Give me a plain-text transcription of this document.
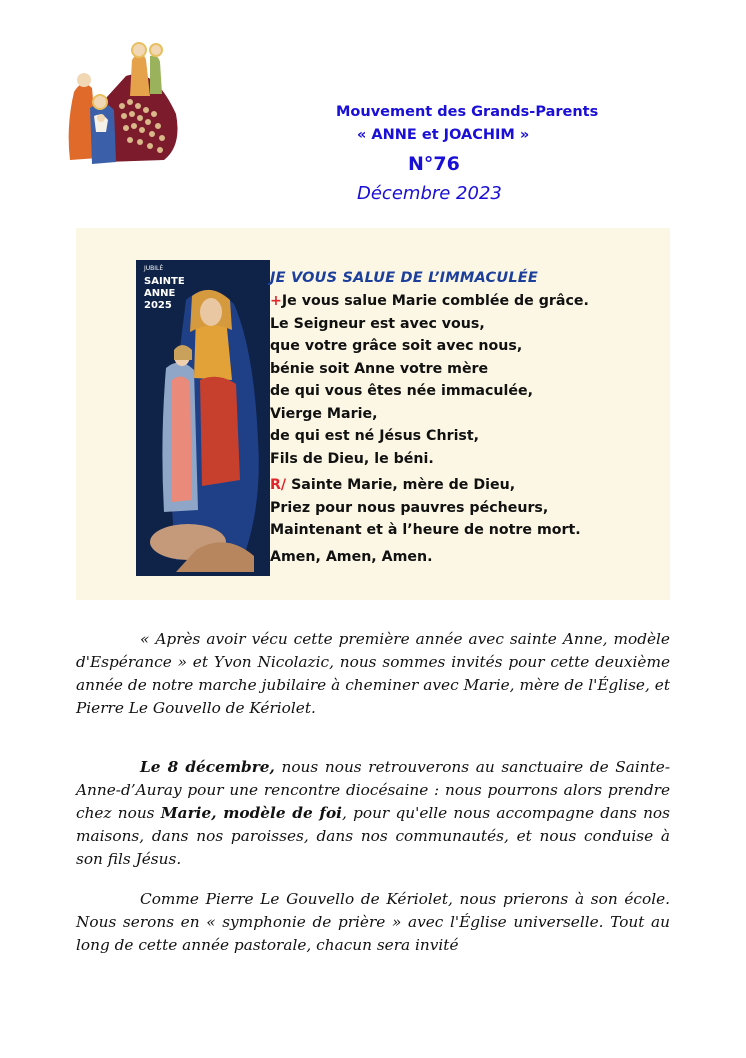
Mouvement des Grands-Parents
« ANNE et JOACHIM »
N°76
Décembre 2023
JUBILÉ
SAINTE
ANNE
2025
JE VOUS SALUE DE L’IMMACULÉE
+Je vous salue Marie comblée de grâce.
Le Seigneur est avec vous,
que votre grâce soit avec nous,
bénie soit Anne votre mère
de qui vous êtes née immaculée,
Vierge Marie,
de qui est né Jésus Christ,
Fils de Dieu, le béni.
R/ Sainte Marie, mère de Dieu,
Priez pour nous pauvres pécheurs,
Maintenant et à l’heure de notre mort.
Amen, Amen, Amen.
« Après avoir vécu cette première année avec sainte Anne, modèle d'Espérance » et Yvon Nicolazic, nous sommes invités pour cette deuxième année de notre marche jubilaire à cheminer avec Marie, mère de l'Église, et Pierre Le Gouvello de Kériolet.
Le 8 décembre, nous nous retrouverons au sanctuaire de Sainte-Anne-d’Auray pour une rencontre diocésaine : nous pourrons alors prendre chez nous Marie, modèle de foi, pour qu'elle nous accompagne dans nos maisons, dans nos paroisses, dans nos communautés, et nous conduise à son fils Jésus.
Comme Pierre Le Gouvello de Kériolet, nous prierons à son école. Nous serons en « symphonie de prière » avec l'Église universelle. Tout au long de cette année pastorale, chacun sera invité
